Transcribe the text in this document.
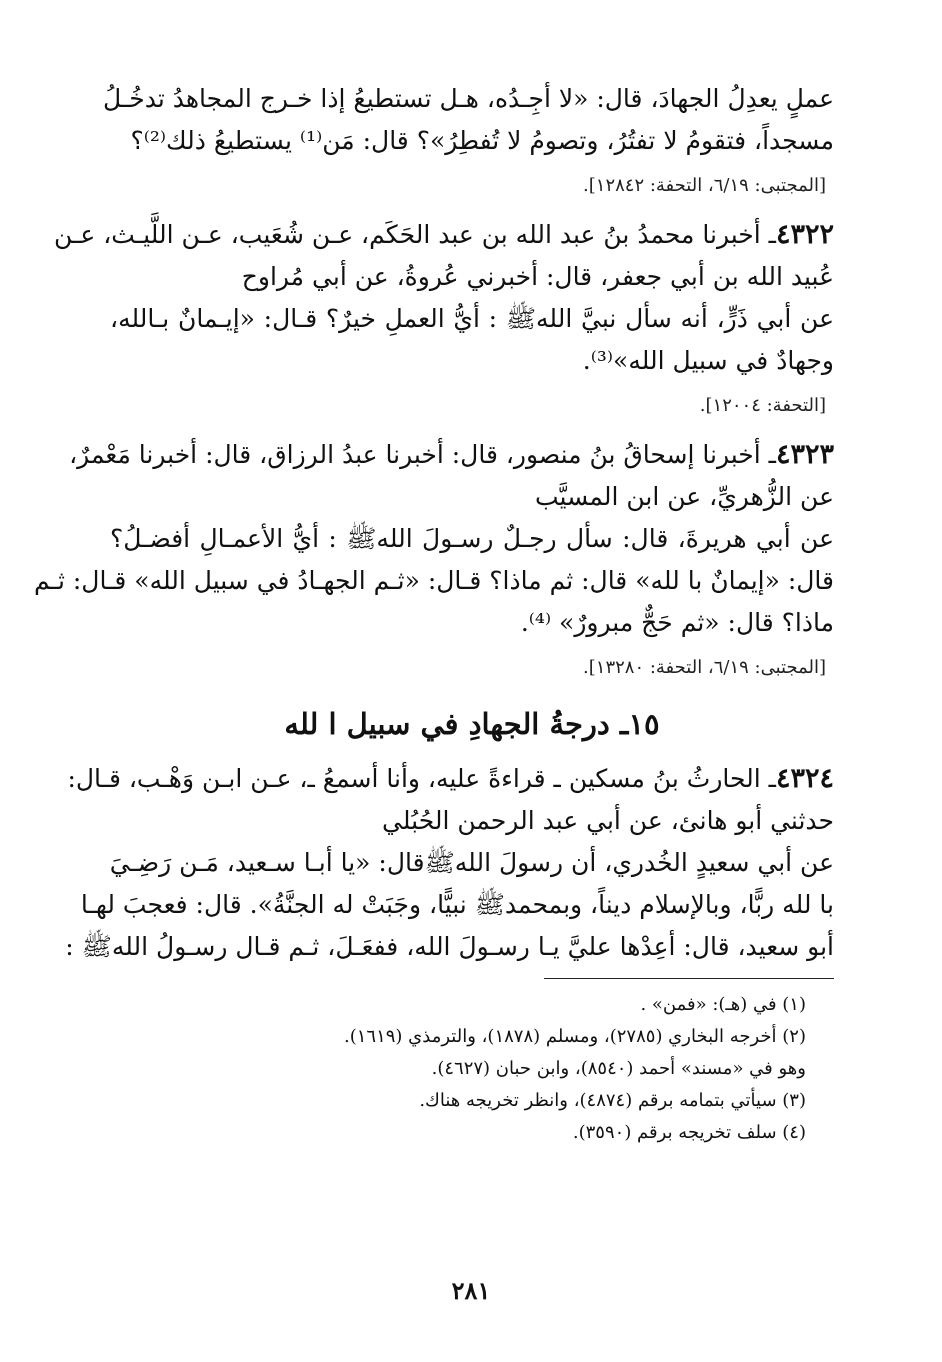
عملٍ يعدِلُ الجهادَ، قال: «لا أجِـدُه، هـل تستطيعُ إذا خـرج المجاهدُ تدخُـلُ
مسجداً، فتقومُ لا تفتُرُ، وتصومُ لا تُفطِرُ»؟ قال: مَن⁽¹⁾ يستطيعُ ذلك⁽²⁾؟
[المجتبى: ٦/١٩، التحفة: ١٢٨٤٢].
٤٣٢٢ـ أخبرنا محمدُ بنُ عبد الله بن عبد الحَكَم، عـن شُعَيب، عـن اللَّيـث، عـن
عُبيد الله بن أبي جعفر، قال: أخبرني عُروةُ، عن أبي مُراوح
عن أبي ذَرٍّ، أنه سأل نبيَّ اللهﷺ : أيُّ العملِ خيرٌ؟ قـال: «إيـمانٌ بـالله،
وجهادٌ في سبيل الله»⁽³⁾.
[التحفة: ١٢٠٠٤].
٤٣٢٣ـ أخبرنا إسحاقُ بنُ منصور، قال: أخبرنا عبدُ الرزاق، قال: أخبرنا مَعْمرٌ،
عن الزُّهريِّ، عن ابن المسيَّب
عن أبي هريرةَ، قال: سأل رجـلٌ رسـولَ اللهﷺ : أيُّ الأعمـالِ أفضـلُ؟
قال: «إيمانٌ با لله» قال: ثم ماذا؟ قـال: «ثـم الجهـادُ في سبيل الله» قـال: ثـم
ماذا؟ قال: «ثم حَجٌّ مبرورٌ» ⁽⁴⁾.
[المجتبى: ٦/١٩، التحفة: ١٣٢٨٠].
١٥ـ درجةُ الجهادِ في سبيل ا لله
٤٣٢٤ـ الحارثُ بنُ مسكين ـ قراءةً عليه، وأنا أسمعُ ـ، عـن ابـن وَهْـب، قـال:
حدثني أبو هانئ، عن أبي عبد الرحمن الحُبُلي
عن أبي سعيدٍ الخُدري، أن رسولَ اللهﷺقال: «يا أبـا سـعيد، مَـن رَضِـيَ
با لله ربًّا، وبالإسلام ديناً، وبمحمدﷺ نبيًّا، وجَبَتْ له الجنَّةُ». قال: فعجبَ لهـا
أبو سعيد، قال: أعِدْها عليَّ يـا رسـولَ الله، ففعَـلَ، ثـم قـال رسـولُ اللهﷺ :
(١) في (هـ): «فمن» .
(٢) أخرجه البخاري (٢٧٨٥)، ومسلم (١٨٧٨)، والترمذي (١٦١٩).
وهو في «مسند» أحمد (٨٥٤٠)، وابن حبان (٤٦٢٧).
(٣) سيأتي بتمامه برقم (٤٨٧٤)، وانظر تخريجه هناك.
(٤) سلف تخريجه برقم (٣٥٩٠).
٢٨١
